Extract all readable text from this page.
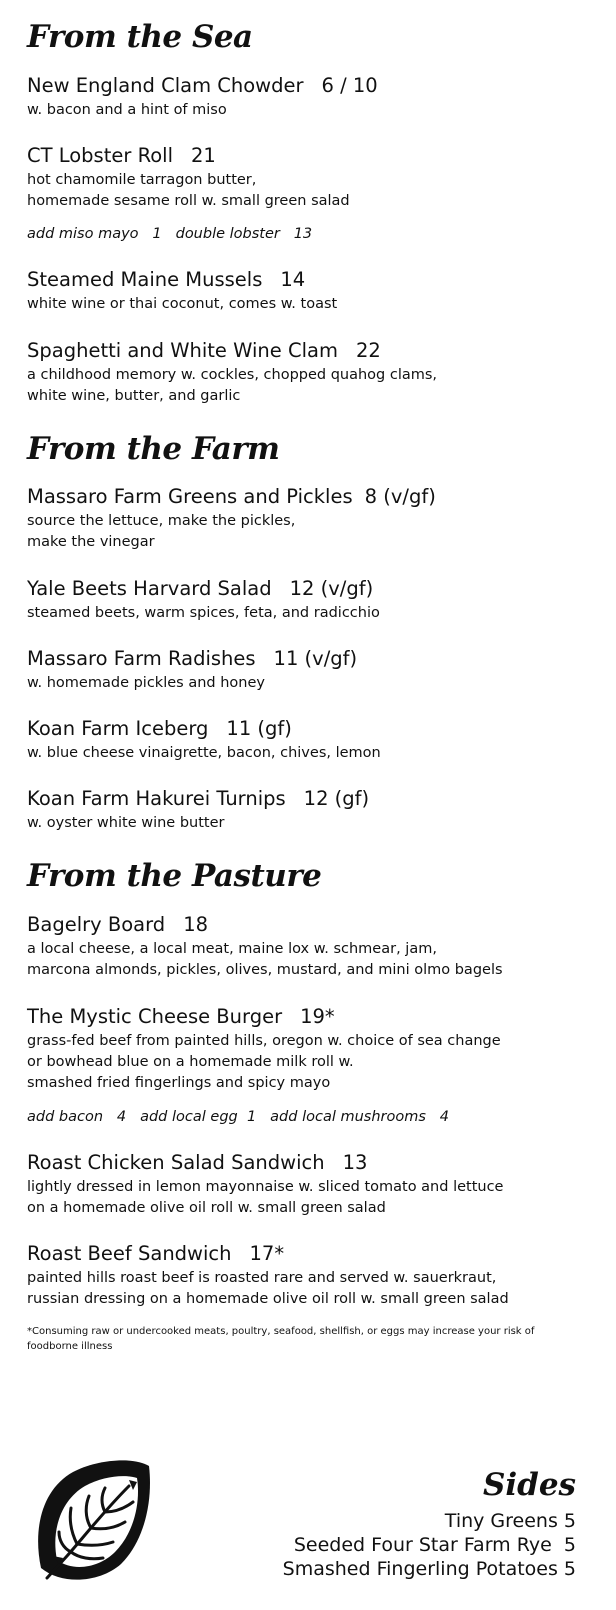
From the Sea
New England Clam Chowder 6 / 10
w. bacon and a hint of miso
CT Lobster Roll 21
hot chamomile tarragon butter,
homemade sesame roll w. small green salad
add miso mayo   1 double lobster   13
Steamed Maine Mussels 14
white wine or thai coconut, comes w. toast
Spaghetti and White Wine Clam 22
a childhood memory w. cockles, chopped quahog clams,
white wine, butter, and garlic
From the Farm
Massaro Farm Greens and Pickles 8 (v/gf)
source the lettuce, make the pickles,
make the vinegar
Yale Beets Harvard Salad 12 (v/gf)
steamed beets, warm spices, feta, and radicchio
Massaro Farm Radishes 11 (v/gf)
w. homemade pickles and honey
Koan Farm Iceberg 11 (gf)
w. blue cheese vinaigrette, bacon, chives, lemon
Koan Farm Hakurei Turnips 12 (gf)
w. oyster white wine butter
From the Pasture
Bagelry Board 18
a local cheese, a local meat, maine lox w. schmear, jam,
marcona almonds, pickles, olives, mustard, and mini olmo bagels
The Mystic Cheese Burger 19*
grass-fed beef from painted hills, oregon w. choice of sea change
or bowhead blue on a homemade milk roll w.
smashed fried fingerlings and spicy mayo
add bacon   4 add local egg  1 add local mushrooms   4
Roast Chicken Salad Sandwich 13
lightly dressed in lemon mayonnaise w. sliced tomato and lettuce
on a homemade olive oil roll w. small green salad
Roast Beef Sandwich 17*
painted hills roast beef is roasted rare and served w. sauerkraut,
russian dressing on a homemade olive oil roll w. small green salad
*Consuming raw or undercooked meats, poultry, seafood, shellfish, or eggs may increase your risk of foodborne illness
Sides
Tiny Greens 5
Seeded Four Star Farm Rye  5
Smashed Fingerling Potatoes 5
